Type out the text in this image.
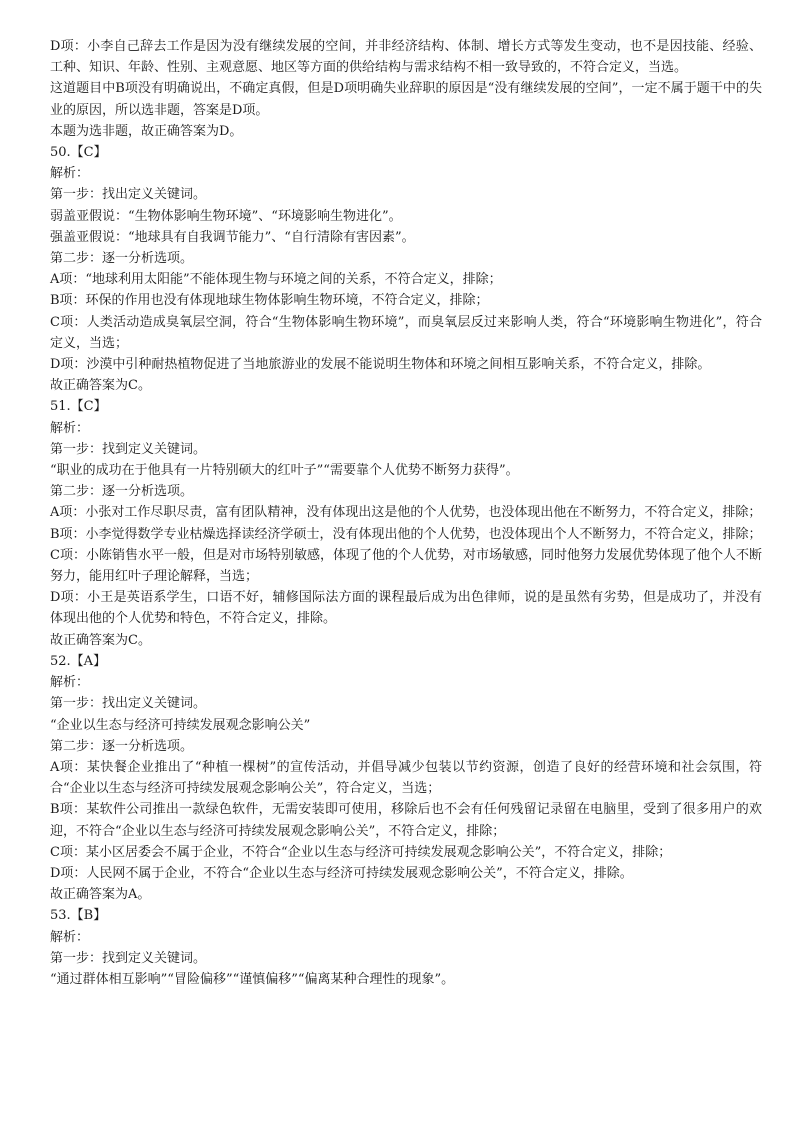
D项：小李自己辞去工作是因为没有继续发展的空间，并非经济结构、体制、增长方式等发生变动，也不是因技能、经验、工种、知识、年龄、性别、主观意愿、地区等方面的供给结构与需求结构不相一致导致的，不符合定义，当选。

这道题目中B项没有明确说出，不确定真假，但是D项明确失业辞职的原因是“没有继续发展的空间”，一定不属于题干中的失业的原因，所以选非题，答案是D项。

本题为选非题，故正确答案为D。

50.【C】

解析：

第一步：找出定义关键词。

弱盖亚假说：“生物体影响生物环境”、“环境影响生物进化”。

强盖亚假说：“地球具有自我调节能力”、“自行清除有害因素”。

第二步：逐一分析选项。

A项：“地球利用太阳能”不能体现生物与环境之间的关系，不符合定义，排除；

B项：环保的作用也没有体现地球生物体影响生物环境，不符合定义，排除；

C项：人类活动造成臭氧层空洞，符合“生物体影响生物环境”，而臭氧层反过来影响人类，符合“环境影响生物进化”，符合定义，当选；

D项：沙漠中引种耐热植物促进了当地旅游业的发展不能说明生物体和环境之间相互影响关系，不符合定义，排除。

故正确答案为C。

51.【C】

解析：

第一步：找到定义关键词。

“职业的成功在于他具有一片特别硕大的红叶子”“需要靠个人优势不断努力获得”。

第二步：逐一分析选项。

A项：小张对工作尽职尽责，富有团队精神，没有体现出这是他的个人优势，也没体现出他在不断努力，不符合定义，排除；

B项：小李觉得数学专业枯燥选择读经济学硕士，没有体现出他的个人优势，也没体现出个人不断努力，不符合定义，排除；

C项：小陈销售水平一般，但是对市场特别敏感，体现了他的个人优势，对市场敏感，同时他努力发展优势体现了他个人不断努力，能用红叶子理论解释，当选；

D项：小王是英语系学生，口语不好，辅修国际法方面的课程最后成为出色律师，说的是虽然有劣势，但是成功了，并没有体现出他的个人优势和特色，不符合定义，排除。

故正确答案为C。

52.【A】

解析：

第一步：找出定义关键词。

“企业以生态与经济可持续发展观念影响公关”

第二步：逐一分析选项。

A项：某快餐企业推出了“种植一棵树”的宣传活动，并倡导减少包装以节约资源，创造了良好的经营环境和社会氛围，符合“企业以生态与经济可持续发展观念影响公关”，符合定义，当选；

B项：某软件公司推出一款绿色软件，无需安装即可使用，移除后也不会有任何残留记录留在电脑里，受到了很多用户的欢迎，不符合“企业以生态与经济可持续发展观念影响公关”，不符合定义，排除；

C项：某小区居委会不属于企业，不符合“企业以生态与经济可持续发展观念影响公关”，不符合定义，排除；

D项：人民网不属于企业，不符合“企业以生态与经济可持续发展观念影响公关”，不符合定义，排除。

故正确答案为A。

53.【B】

解析：

第一步：找到定义关键词。

“通过群体相互影响”“冒险偏移”“谨慎偏移”“偏离某种合理性的现象”。
